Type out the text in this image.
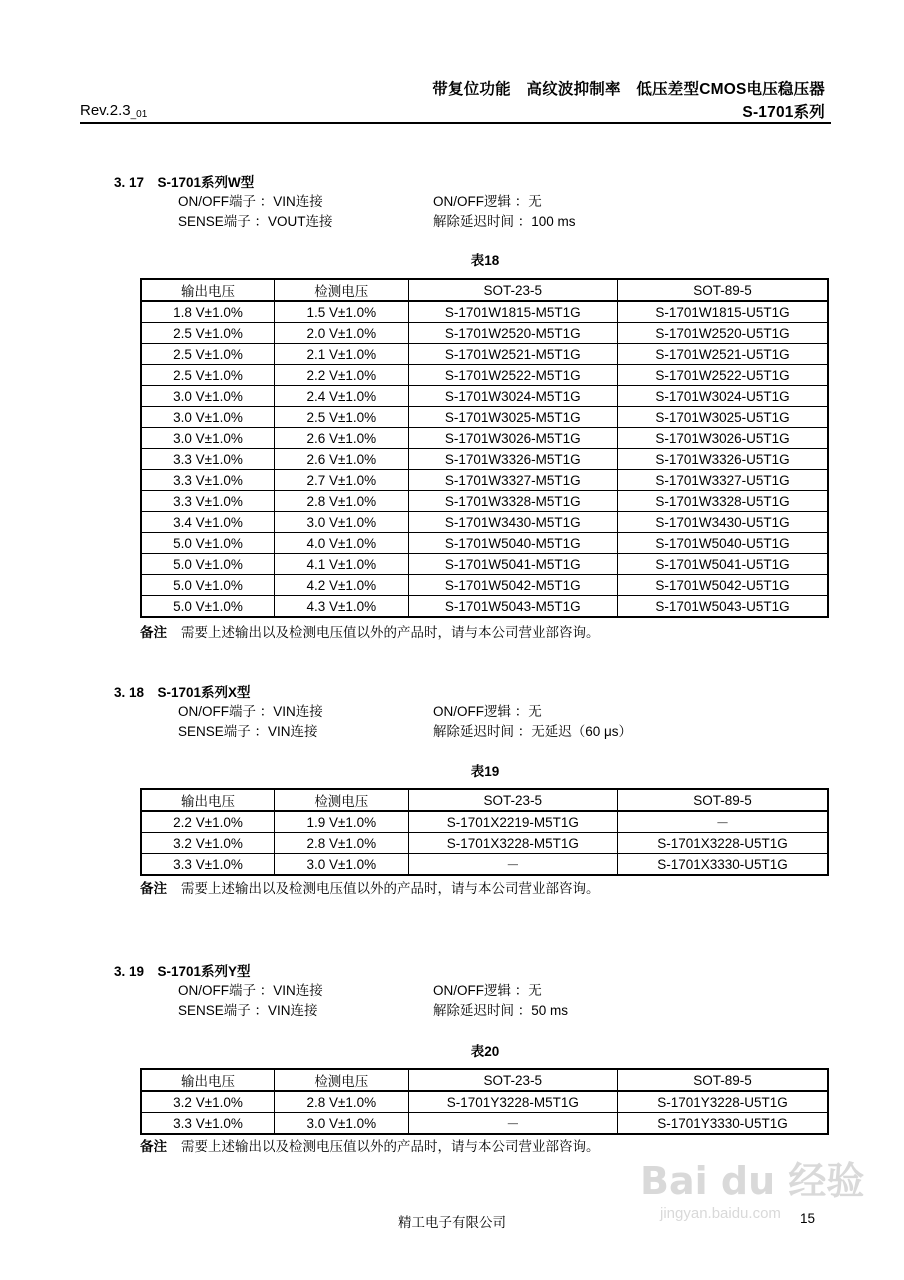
带复位功能　高纹波抑制率　低压差型CMOS电压稳压器
S-1701系列
$Rev.2.3_{\_01}$
3. 17　S-1701系列W型
ON/OFF端子 ：VIN连接	ON/OFF逻辑 ：无
SENSE端子 ：VOUT连接	解除延迟时间 ：100 ms
表18
输出电压	检测电压	SOT-23-5	SOT-89-5
1.8 V±1.0%	1.5 V±1.0%	S-1701W1815-M5T1G	S-1701W1815-U5T1G
2.5 V±1.0%	2.0 V±1.0%	S-1701W2520-M5T1G	S-1701W2520-U5T1G
2.5 V±1.0%	2.1 V±1.0%	S-1701W2521-M5T1G	S-1701W2521-U5T1G
2.5 V±1.0%	2.2 V±1.0%	S-1701W2522-M5T1G	S-1701W2522-U5T1G
3.0 V±1.0%	2.4 V±1.0%	S-1701W3024-M5T1G	S-1701W3024-U5T1G
3.0 V±1.0%	2.5 V±1.0%	S-1701W3025-M5T1G	S-1701W3025-U5T1G
3.0 V±1.0%	2.6 V±1.0%	S-1701W3026-M5T1G	S-1701W3026-U5T1G
3.3 V±1.0%	2.6 V±1.0%	S-1701W3326-M5T1G	S-1701W3326-U5T1G
3.3 V±1.0%	2.7 V±1.0%	S-1701W3327-M5T1G	S-1701W3327-U5T1G
3.3 V±1.0%	2.8 V±1.0%	S-1701W3328-M5T1G	S-1701W3328-U5T1G
3.4 V±1.0%	3.0 V±1.0%	S-1701W3430-M5T1G	S-1701W3430-U5T1G
5.0 V±1.0%	4.0 V±1.0%	S-1701W5040-M5T1G	S-1701W5040-U5T1G
5.0 V±1.0%	4.1 V±1.0%	S-1701W5041-M5T1G	S-1701W5041-U5T1G
5.0 V±1.0%	4.2 V±1.0%	S-1701W5042-M5T1G	S-1701W5042-U5T1G
5.0 V±1.0%	4.3 V±1.0%	S-1701W5043-M5T1G	S-1701W5043-U5T1G
备注 需要上述输出以及检测电压值以外的产品时，请与本公司营业部咨询。
3. 18　S-1701系列X型
ON/OFF端子 ：VIN连接	ON/OFF逻辑 ：无
SENSE端子 ：VIN连接	解除延迟时间 ：无延迟（60 μs）
表19
输出电压	检测电压	SOT-23-5	SOT-89-5
2.2 V±1.0%	1.9 V±1.0%	S-1701X2219-M5T1G	－
3.2 V±1.0%	2.8 V±1.0%	S-1701X3228-M5T1G	S-1701X3228-U5T1G
3.3 V±1.0%	3.0 V±1.0%	－	S-1701X3330-U5T1G
备注 需要上述输出以及检测电压值以外的产品时，请与本公司营业部咨询。
3. 19　S-1701系列Y型
ON/OFF端子 ：VIN连接	ON/OFF逻辑 ：无
SENSE端子 ：VIN连接	解除延迟时间 ：50 ms
表20
输出电压	检测电压	SOT-23-5	SOT-89-5
3.2 V±1.0%	2.8 V±1.0%	S-1701Y3228-M5T1G	S-1701Y3228-U5T1G
3.3 V±1.0%	3.0 V±1.0%	－	S-1701Y3330-U5T1G
备注 需要上述输出以及检测电压值以外的产品时，请与本公司营业部咨询。
Bai du 经验
jingyan.baidu.com
精工电子有限公司	15
